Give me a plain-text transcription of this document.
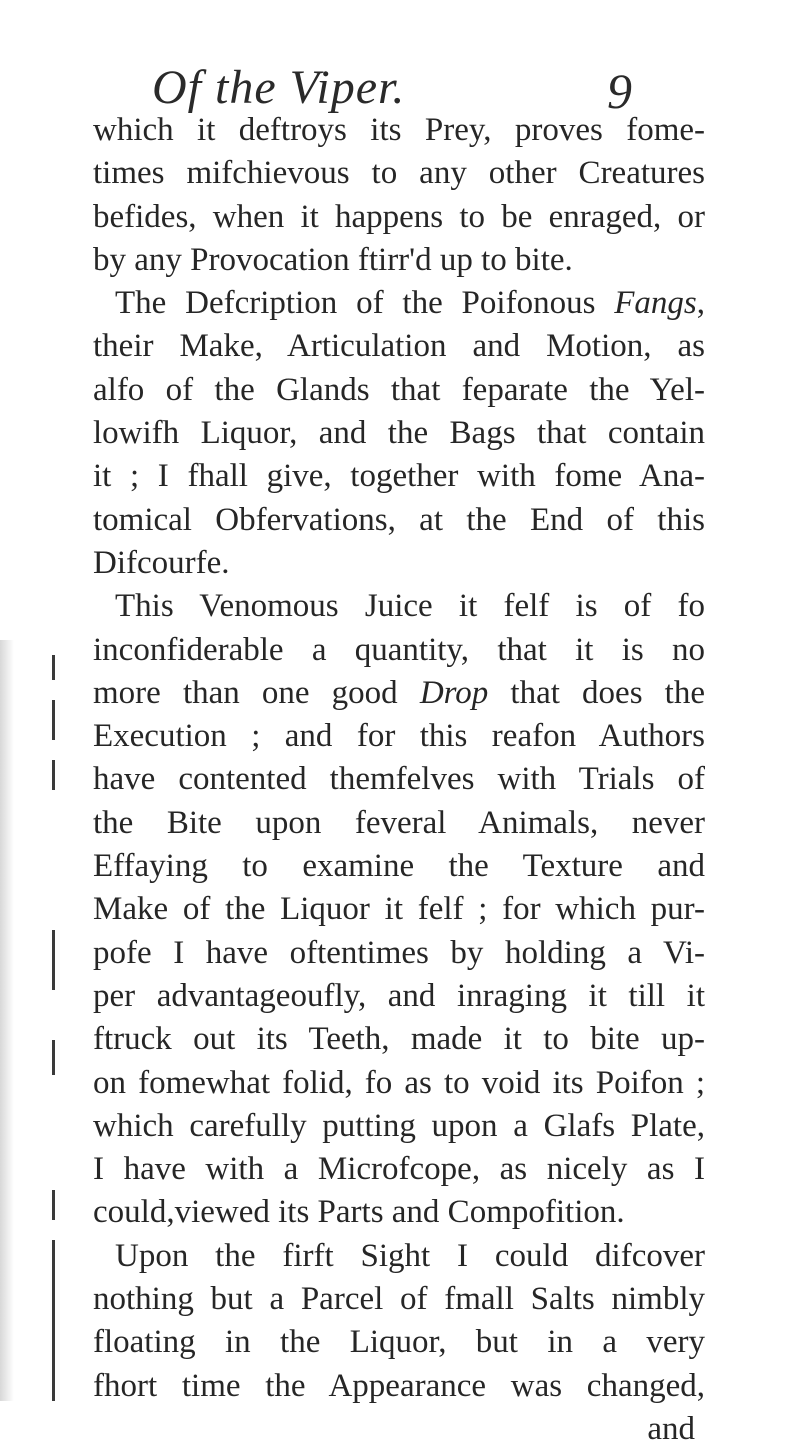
Of the Viper.	9
which it deftroys its Prey, proves fome-
times mifchievous to any other Creatures
befides, when it happens to be enraged, or
by any Provocation ftirr'd up to bite.
The Defcription of the Poifonous Fangs,
their Make, Articulation and Motion, as
alfo of the Glands that feparate the Yel-
lowifh Liquor, and the Bags that contain
it ; I fhall give, together with fome Ana-
tomical Obfervations, at the End of this
Difcourfe.
This Venomous Juice it felf is of fo
inconfiderable a quantity, that it is no
more than one good Drop that does the
Execution ; and for this reafon Authors
have contented themfelves with Trials of
the Bite upon feveral Animals, never
Effaying to examine the Texture and
Make of the Liquor it felf ; for which pur-
pofe I have oftentimes by holding a Vi-
per advantageoufly, and inraging it till it
ftruck out its Teeth, made it to bite up-
on fomewhat folid, fo as to void its Poifon ;
which carefully putting upon a Glafs Plate,
I have with a Microfcope, as nicely as I
could,viewed its Parts and Compofition.
Upon the firft Sight I could difcover
nothing but a Parcel of fmall Salts nimbly
floating in the Liquor, but in a very
fhort time the Appearance was changed,
and
